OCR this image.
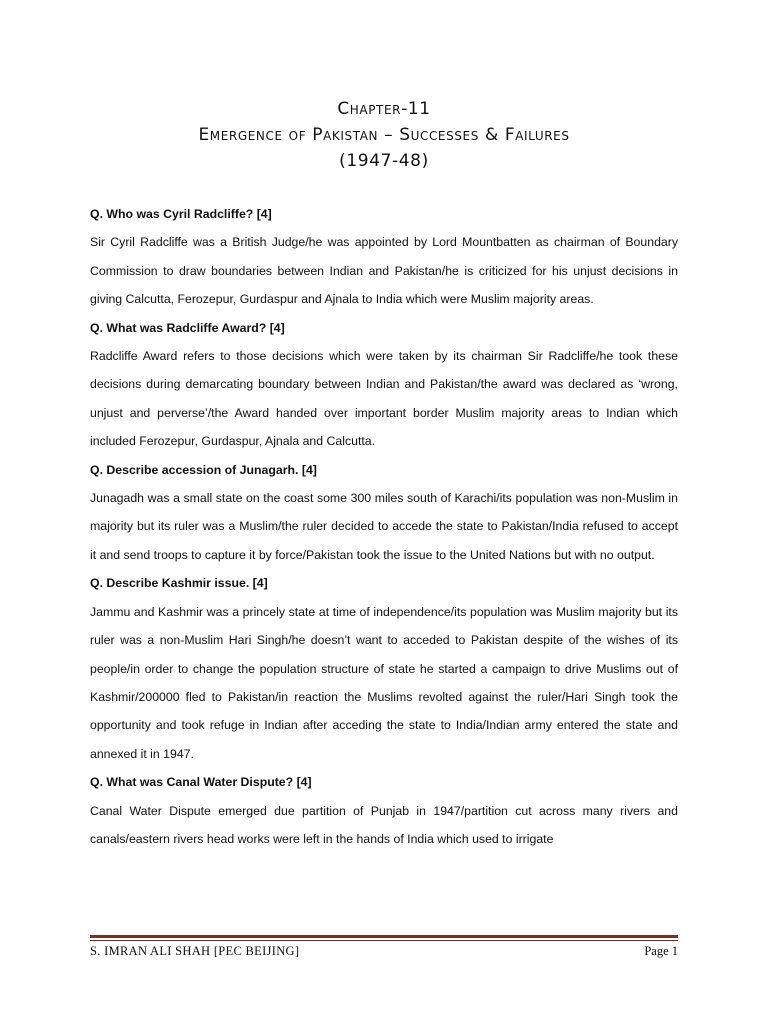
Chapter-11
Emergence of Pakistan – Successes & Failures
(1947-48)

Q. Who was Cyril Radcliffe? [4]

Sir Cyril Radcliffe was a British Judge/he was appointed by Lord Mountbatten as chairman of Boundary Commission to draw boundaries between Indian and Pakistan/he is criticized for his unjust decisions in giving Calcutta, Ferozepur, Gurdaspur and Ajnala to India which were Muslim majority areas.

Q. What was Radcliffe Award? [4]

Radcliffe Award refers to those decisions which were taken by its chairman Sir Radcliffe/he took these decisions during demarcating boundary between Indian and Pakistan/the award was declared as ‘wrong, unjust and perverse’/the Award handed over important border Muslim majority areas to Indian which included Ferozepur, Gurdaspur, Ajnala and Calcutta.

Q. Describe accession of Junagarh. [4]

Junagadh was a small state on the coast some 300 miles south of Karachi/its population was non-Muslim in majority but its ruler was a Muslim/the ruler decided to accede the state to Pakistan/India refused to accept it and send troops to capture it by force/Pakistan took the issue to the United Nations but with no output.

Q. Describe Kashmir issue. [4]

Jammu and Kashmir was a princely state at time of independence/its population was Muslim majority but its ruler was a non-Muslim Hari Singh/he doesn’t want to acceded to Pakistan despite of the wishes of its people/in order to change the population structure of state he started a campaign to drive Muslims out of Kashmir/200000 fled to Pakistan/in reaction the Muslims revolted against the ruler/Hari Singh took the opportunity and took refuge in Indian after acceding the state to India/Indian army entered the state and annexed it in 1947.

Q. What was Canal Water Dispute? [4]

Canal Water Dispute emerged due partition of Punjab in 1947/partition cut across many rivers and canals/eastern rivers head works were left in the hands of India which used to irrigate

S. IMRAN ALI SHAH [PEC BEIJING]	Page 1
